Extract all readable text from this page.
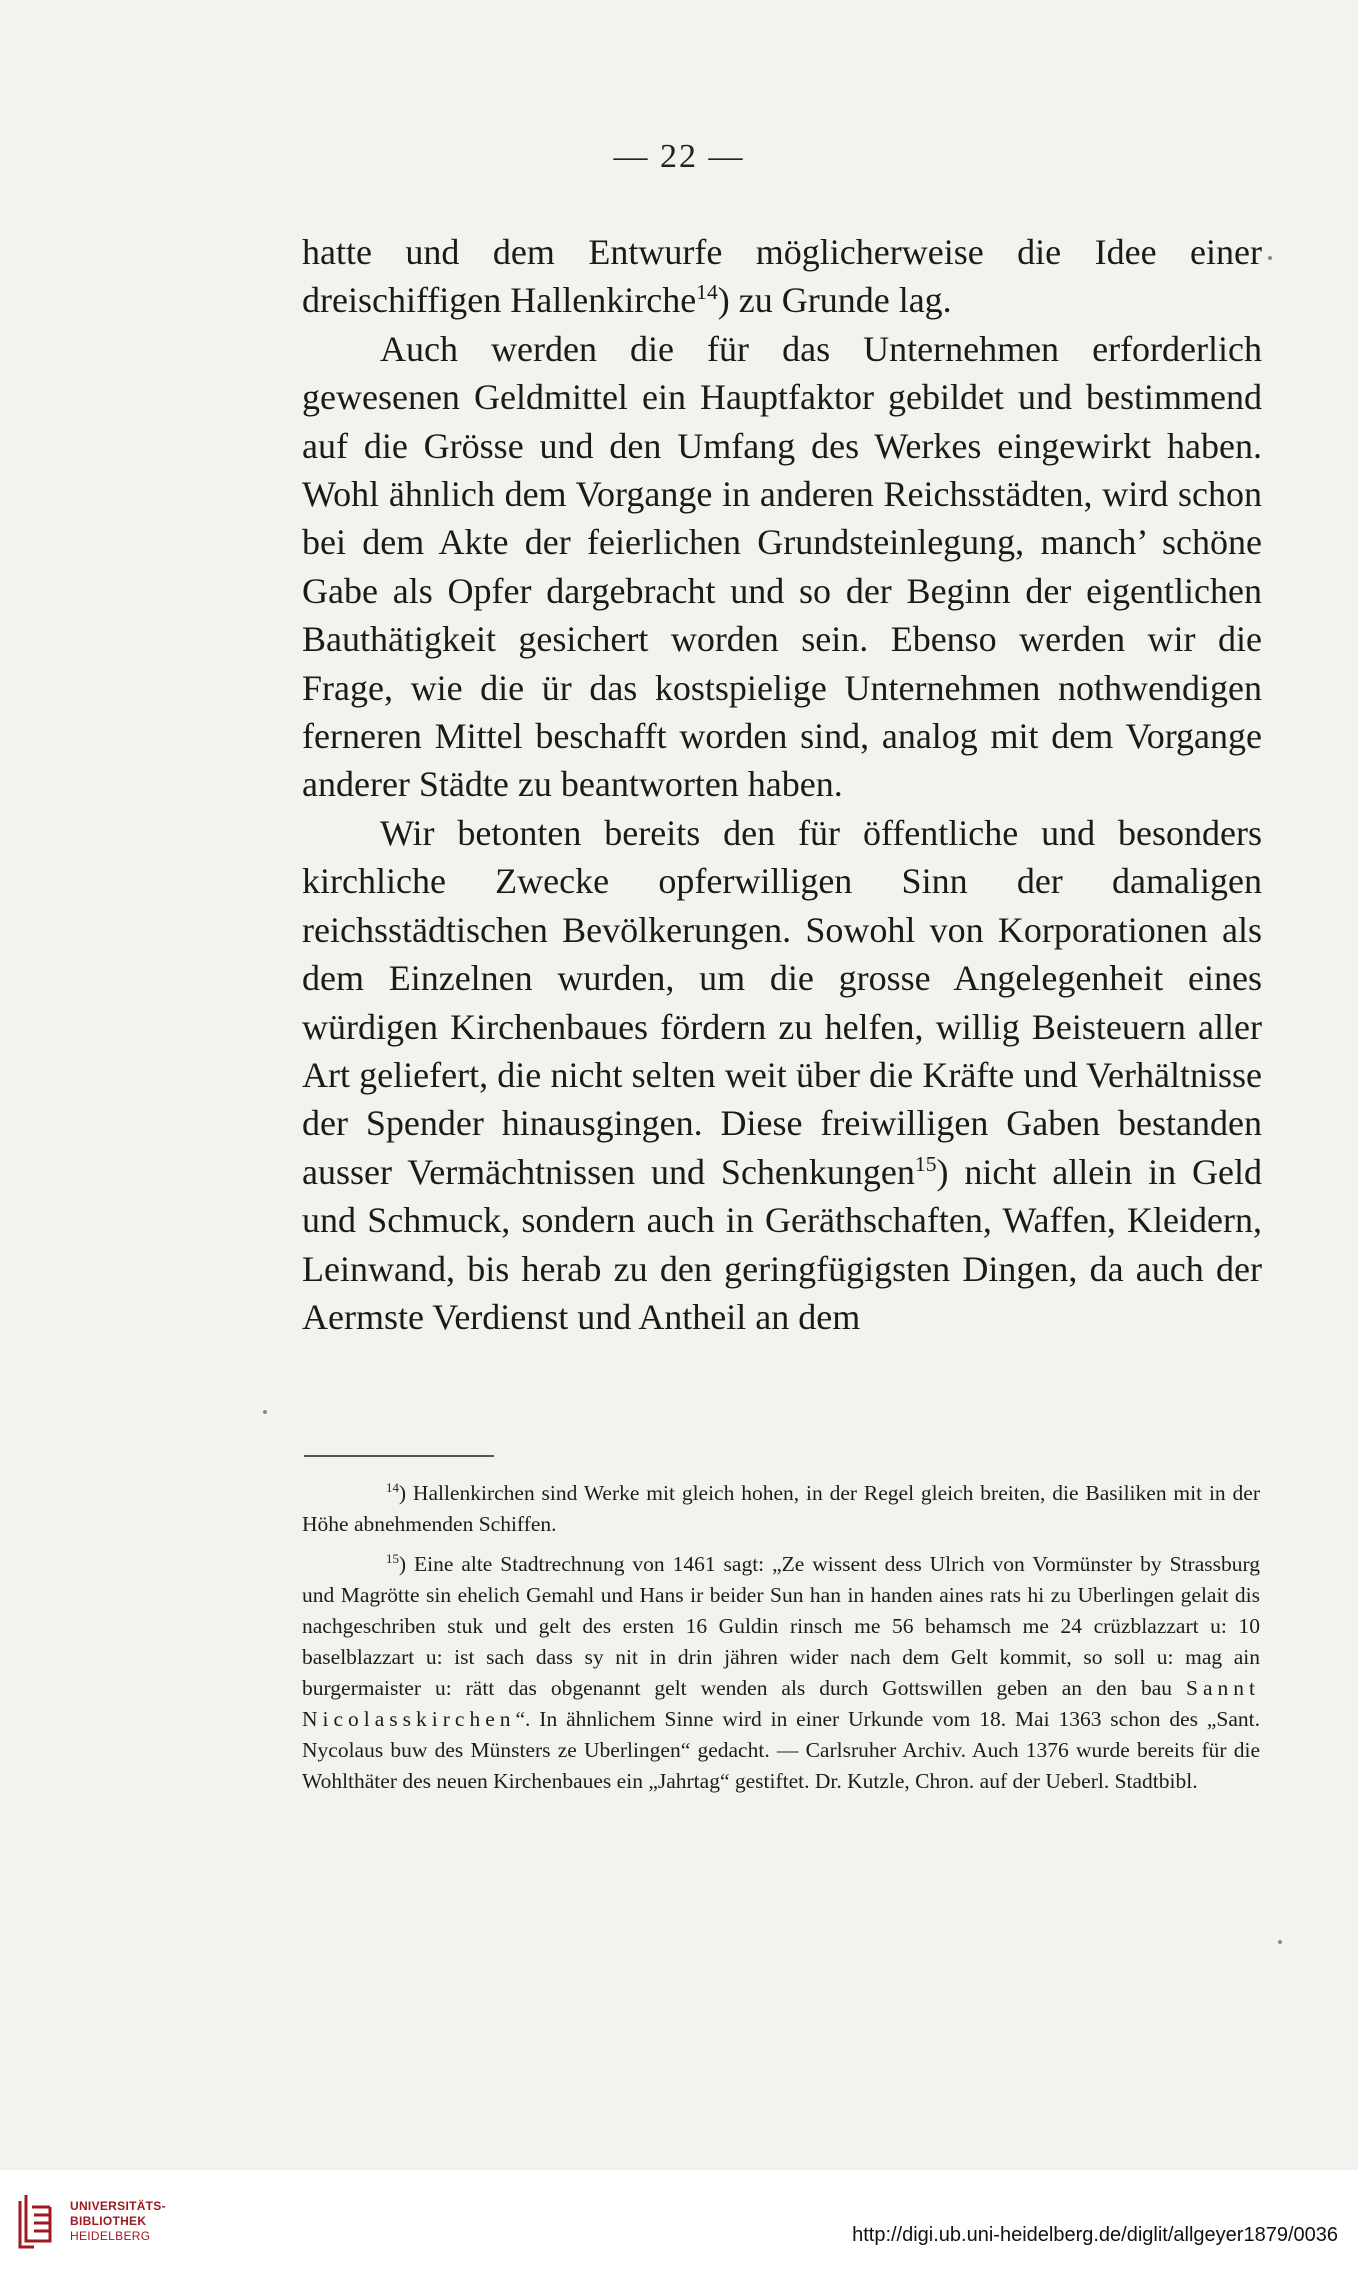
— 22 —

hatte und dem Entwurfe möglicherweise die Idee einer dreischiffigen Hallenkirche$^{14}$) zu Grunde lag.

Auch werden die für das Unternehmen erforderlich gewesenen Geldmittel ein Hauptfaktor gebildet und bestimmend auf die Grösse und den Umfang des Werkes eingewirkt haben. Wohl ähnlich dem Vorgange in anderen Reichsstädten, wird schon bei dem Akte der feierlichen Grundsteinlegung, manch’ schöne Gabe als Opfer dargebracht und so der Beginn der eigentlichen Bauthätigkeit gesichert worden sein. Ebenso werden wir die Frage, wie die ür das kostspielige Unternehmen nothwendigen ferneren Mittel beschafft worden sind, analog mit dem Vorgange anderer Städte zu beantworten haben.

Wir betonten bereits den für öffentliche und besonders kirchliche Zwecke opferwilligen Sinn der damaligen reichsstädtischen Bevölkerungen. Sowohl von Korporationen als dem Einzelnen wurden, um die grosse Angelegenheit eines würdigen Kirchenbaues fördern zu helfen, willig Beisteuern aller Art geliefert, die nicht selten weit über die Kräfte und Verhältnisse der Spender hinausgingen. Diese freiwilligen Gaben bestanden ausser Vermächtnissen und Schenkungen$^{15}$) nicht allein in Geld und Schmuck, sondern auch in Geräthschaften, Waffen, Kleidern, Leinwand, bis herab zu den geringfügigsten Dingen, da auch der Aermste Verdienst und Antheil an dem

$^{14}$) Hallenkirchen sind Werke mit gleich hohen, in der Regel gleich breiten, die Basiliken mit in der Höhe abnehmenden Schiffen.

$^{15}$) Eine alte Stadtrechnung von 1461 sagt: „Ze wissent dess Ulrich von Vormünster by Strassburg und Magrötte sin ehelich Gemahl und Hans ir beider Sun han in handen aines rats hi zu Uberlingen gelait dis nachgeschriben stuk und gelt des ersten 16 Guldin rinsch me 56 behamsch me 24 crüzblazzart u: 10 baselblazzart u: ist sach dass sy nit in drin jähren wider nach dem Gelt kommit, so soll u: mag ain burgermaister u: rätt das obgenannt gelt wenden als durch Gottswillen geben an den bau Sannt Nicolasskirchen“. In ähnlichem Sinne wird in einer Urkunde vom 18. Mai 1363 schon des „Sant. Nycolaus buw des Münsters ze Uberlingen“ gedacht. — Carlsruher Archiv. Auch 1376 wurde bereits für die Wohlthäter des neuen Kirchenbaues ein „Jahrtag“ gestiftet. Dr. Kutzle, Chron. auf der Ueberl. Stadtbibl.

UNIVERSITÄTS-
BIBLIOTHEK
HEIDELBERG	http://digi.ub.uni-heidelberg.de/diglit/allgeyer1879/0036
